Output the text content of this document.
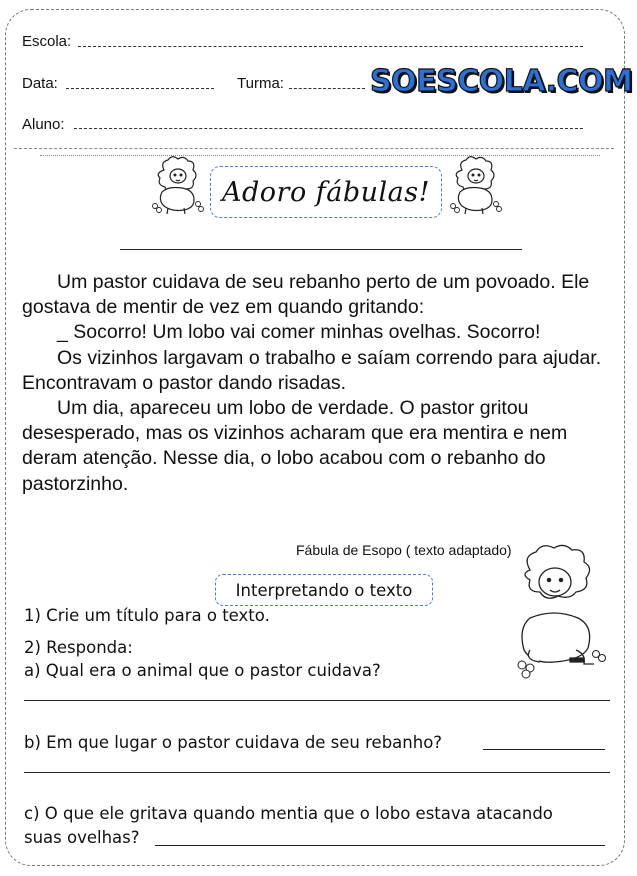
Escola:
Data:	Turma:	SOESCOLA.COM
Aluno:
Adoro fábulas!

Um pastor cuidava de seu rebanho perto de um povoado. Ele gostava de mentir de vez em quando gritando:

_ Socorro! Um lobo vai comer minhas ovelhas. Socorro!

Os vizinhos largavam o trabalho e saíam correndo para ajudar. Encontravam o pastor dando risadas.

Um dia, apareceu um lobo de verdade. O pastor gritou desesperado, mas os vizinhos acharam que era mentira e nem deram atenção. Nesse dia, o lobo acabou com o rebanho do pastorzinho.

Fábula de Esopo ( texto adaptado)
Interpretando o texto
1) Crie um título para o texto.
2) Responda:
a) Qual era o animal que o pastor cuidava?
b) Em que lugar o pastor cuidava de seu rebanho?
c) O que ele gritava quando mentia que o lobo estava atacando
suas ovelhas?
